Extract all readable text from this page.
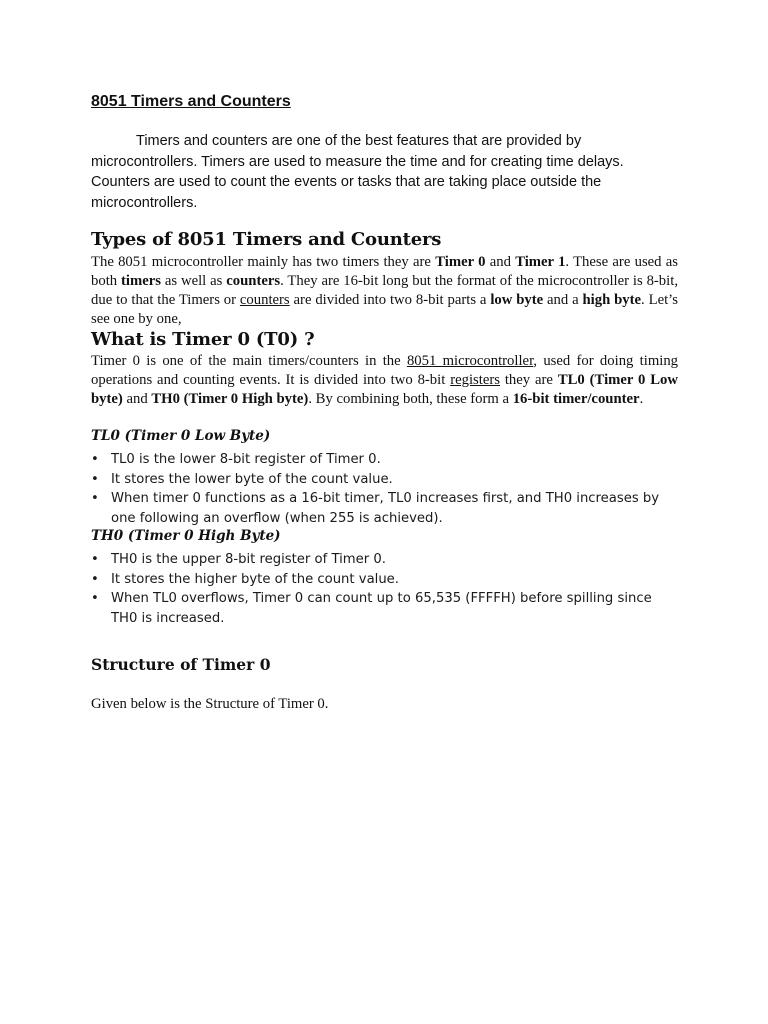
8051 Timers and Counters

Timers and counters are one of the best features that are provided by microcontrollers. Timers are used to measure the time and for creating time delays. Counters are used to count the events or tasks that are taking place outside the microcontrollers.

Types of 8051 Timers and Counters

The 8051 microcontroller mainly has two timers they are Timer 0 and Timer 1. These are used as both timers as well as counters. They are 16-bit long but the format of the microcontroller is 8-bit, due to that the Timers or counters are divided into two 8-bit parts a low byte and a high byte. Let’s see one by one,

What is Timer 0 (T0) ?

Timer 0 is one of the main timers/counters in the 8051 microcontroller, used for doing timing operations and counting events. It is divided into two 8-bit registers they are TL0 (Timer 0 Low byte) and TH0 (Timer 0 High byte). By combining both, these form a 16-bit timer/counter.

TL0 (Timer 0 Low Byte)
• TL0 is the lower 8-bit register of Timer 0.
• It stores the lower byte of the count value.
• When timer 0 functions as a 16-bit timer, TL0 increases first, and TH0 increases by one following an overflow (when 255 is achieved).
TH0 (Timer 0 High Byte)
• TH0 is the upper 8-bit register of Timer 0.
• It stores the higher byte of the count value.
• When TL0 overflows, Timer 0 can count up to 65,535 (FFFFH) before spilling since TH0 is increased.
Structure of Timer 0

Given below is the Structure of Timer 0.
